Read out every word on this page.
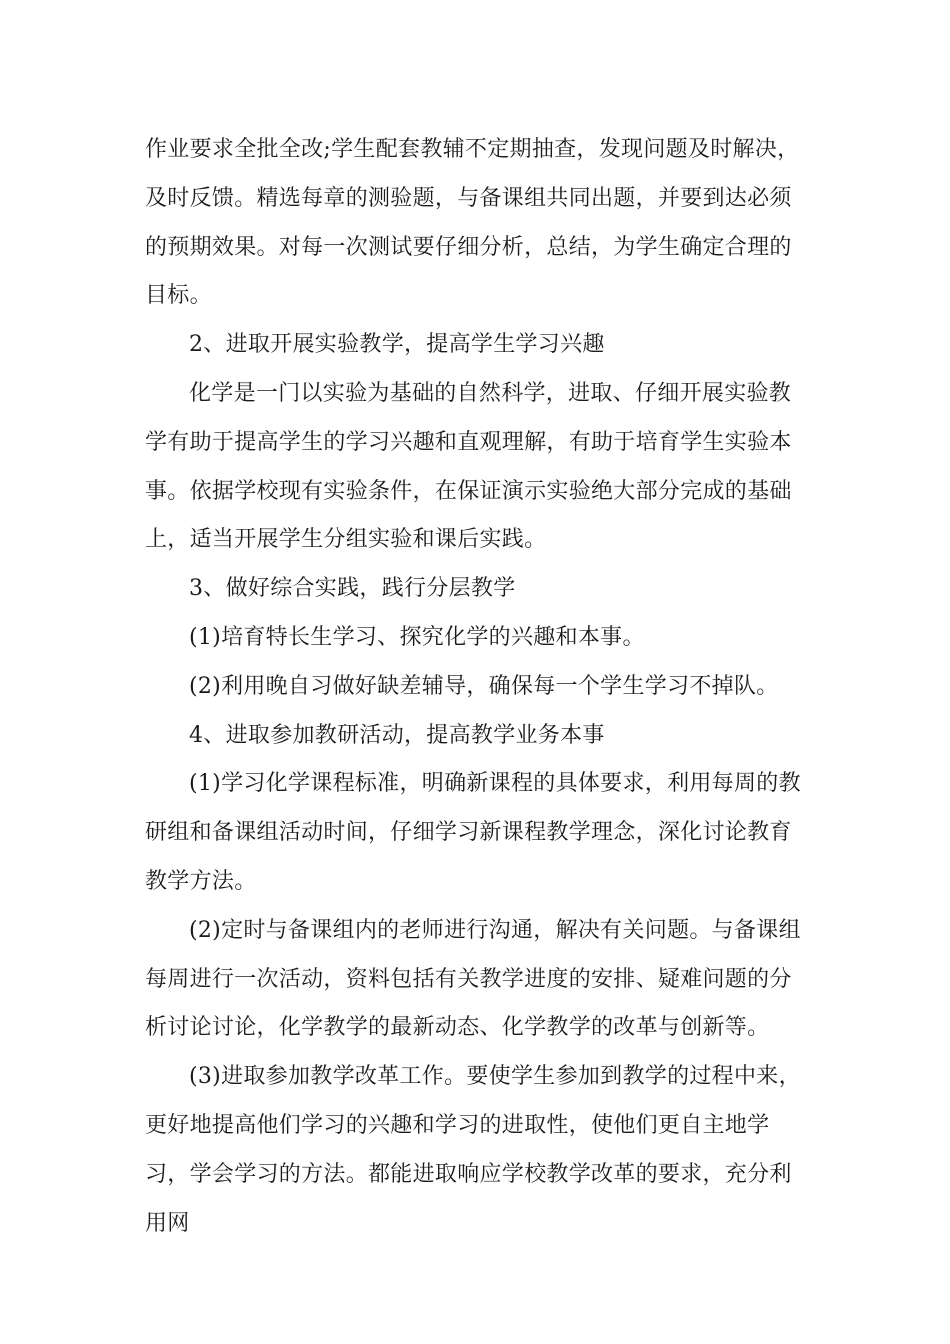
作业要求全批全改;学生配套教辅不定期抽查，发现问题及时解决，及时反馈。精选每章的测验题，与备课组共同出题，并要到达必须的预期效果。对每一次测试要仔细分析，总结，为学生确定合理的目标。

2、进取开展实验教学，提高学生学习兴趣

化学是一门以实验为基础的自然科学，进取、仔细开展实验教学有助于提高学生的学习兴趣和直观理解，有助于培育学生实验本事。依据学校现有实验条件，在保证演示实验绝大部分完成的基础上，适当开展学生分组实验和课后实践。

3、做好综合实践，践行分层教学

(1)培育特长生学习、探究化学的兴趣和本事。

(2)利用晚自习做好缺差辅导，确保每一个学生学习不掉队。

4、进取参加教研活动，提高教学业务本事

(1)学习化学课程标准，明确新课程的具体要求，利用每周的教研组和备课组活动时间，仔细学习新课程教学理念，深化讨论教育教学方法。

(2)定时与备课组内的老师进行沟通，解决有关问题。与备课组每周进行一次活动，资料包括有关教学进度的安排、疑难问题的分析讨论讨论，化学教学的最新动态、化学教学的改革与创新等。

(3)进取参加教学改革工作。要使学生参加到教学的过程中来，更好地提高他们学习的兴趣和学习的进取性，使他们更自主地学习，学会学习的方法。都能进取响应学校教学改革的要求，充分利用网
